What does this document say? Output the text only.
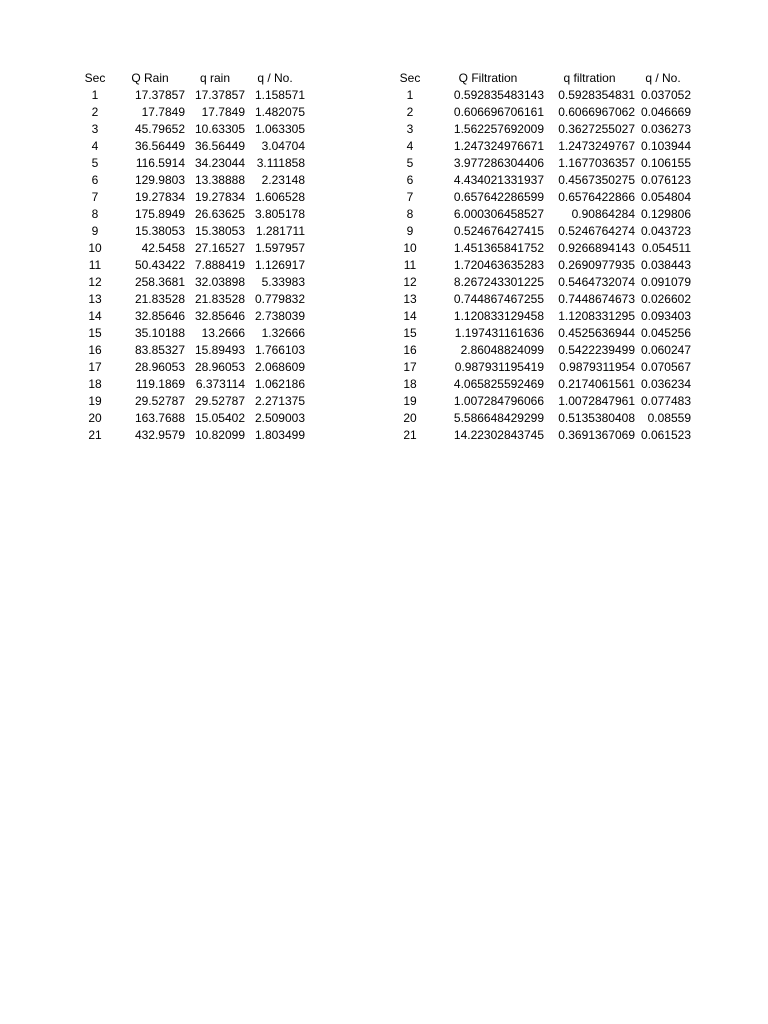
Sec	Q Rain	q rain	q / No.
1	17.37857	17.37857	1.158571
2	17.7849	17.7849	1.482075
3	45.79652	10.63305	1.063305
4	36.56449	36.56449	3.04704
5	116.5914	34.23044	3.111858
6	129.9803	13.38888	2.23148
7	19.27834	19.27834	1.606528
8	175.8949	26.63625	3.805178
9	15.38053	15.38053	1.281711
10	42.5458	27.16527	1.597957
11	50.43422	7.888419	1.126917
12	258.3681	32.03898	5.33983
13	21.83528	21.83528	0.779832
14	32.85646	32.85646	2.738039
15	35.10188	13.2666	1.32666
16	83.85327	15.89493	1.766103
17	28.96053	28.96053	2.068609
18	119.1869	6.373114	1.062186
19	29.52787	29.52787	2.271375
20	163.7688	15.05402	2.509003
21	432.9579	10.82099	1.803499
Sec	Q Filtration	q filtration	q / No.
1	0.592835483143	0.5928354831	0.037052
2	0.606696706161	0.6066967062	0.046669
3	1.562257692009	0.3627255027	0.036273
4	1.247324976671	1.2473249767	0.103944
5	3.977286304406	1.1677036357	0.106155
6	4.434021331937	0.4567350275	0.076123
7	0.657642286599	0.6576422866	0.054804
8	6.000306458527	0.90864284	0.129806
9	0.524676427415	0.5246764274	0.043723
10	1.451365841752	0.9266894143	0.054511
11	1.720463635283	0.2690977935	0.038443
12	8.267243301225	0.5464732074	0.091079
13	0.744867467255	0.7448674673	0.026602
14	1.120833129458	1.1208331295	0.093403
15	1.197431161636	0.4525636944	0.045256
16	2.86048824099	0.5422239499	0.060247
17	0.987931195419	0.9879311954	0.070567
18	4.065825592469	0.2174061561	0.036234
19	1.007284796066	1.0072847961	0.077483
20	5.586648429299	0.5135380408	0.08559
21	14.22302843745	0.3691367069	0.061523
